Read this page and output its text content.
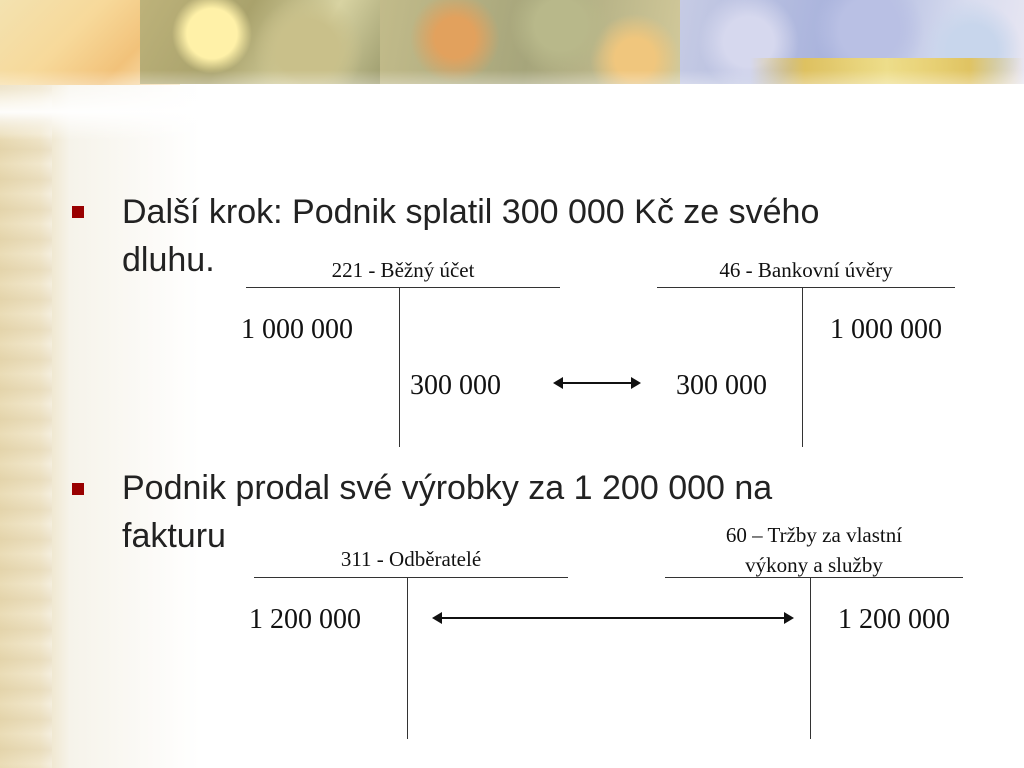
Další krok: Podnik splatil 300 000 Kč ze svého
dluhu.	221 - Běžný účet
1 000 000
300 000
46 - Bankovní úvěry
300 000
1 000 000
Podnik prodal své výrobky za 1 200 000 na
fakturu
311 - Odběratelé
1 200 000
60 – Tržby za vlastní
výkony a služby
1 200 000
